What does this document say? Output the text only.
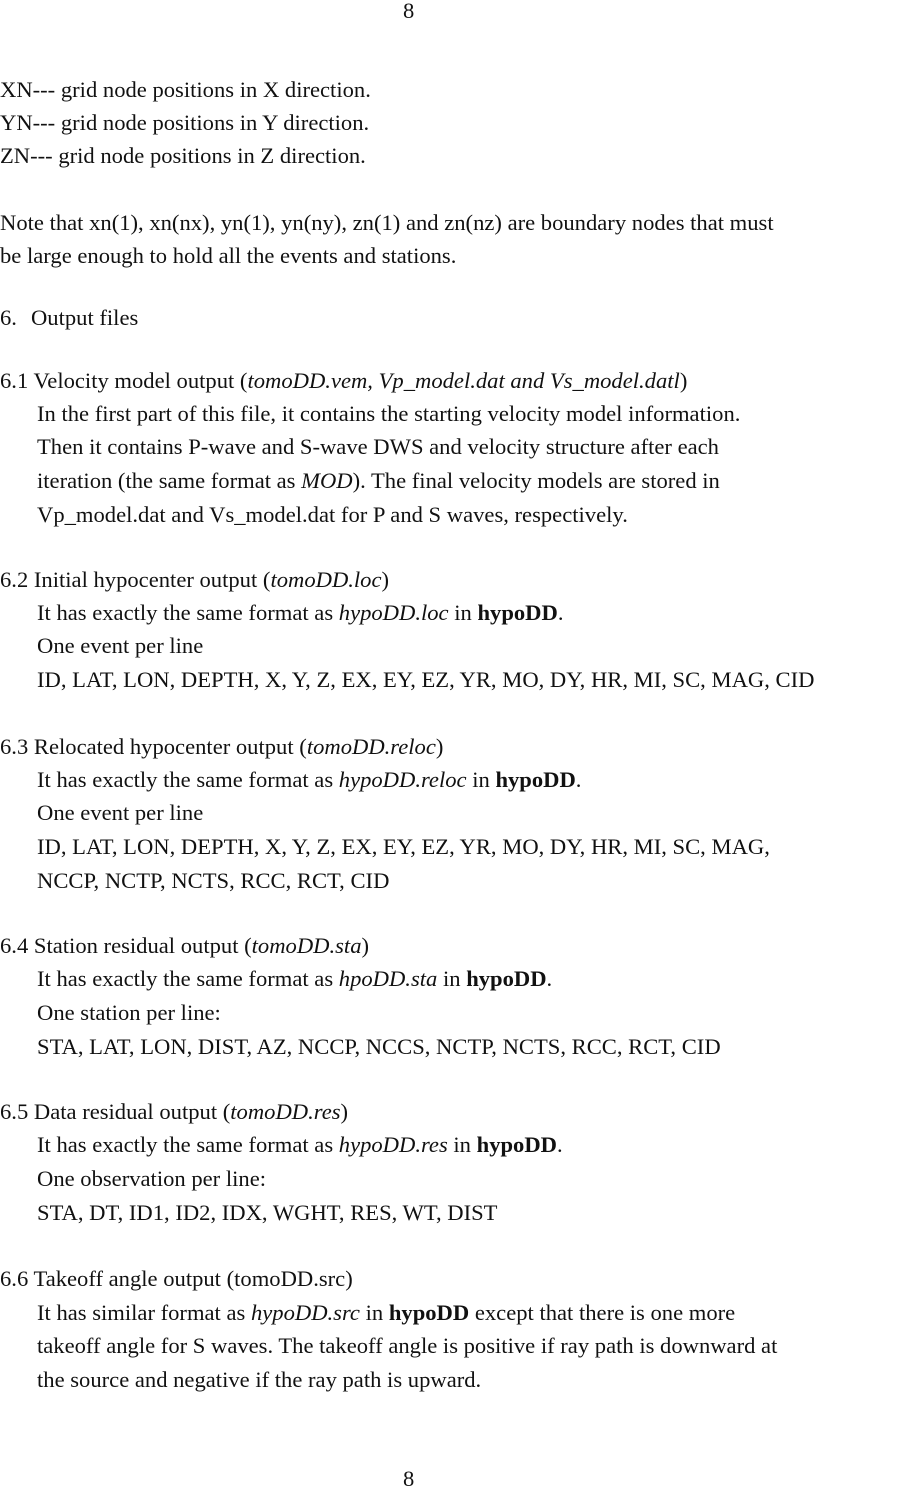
8
XN--- grid node positions in X direction.
YN--- grid node positions in Y direction.
ZN--- grid node positions in Z direction.
Note that xn(1), xn(nx), yn(1), yn(ny), zn(1) and zn(nz) are boundary nodes that must
be large enough to hold all the events and stations.
6. Output files
6.1 Velocity model output (tomoDD.vem, Vp_model.dat and Vs_model.datl)
In the first part of this file, it contains the starting velocity model information.
Then it contains P-wave and S-wave DWS and velocity structure after each
iteration (the same format as MOD). The final velocity models are stored in
Vp_model.dat and Vs_model.dat for P and S waves, respectively.
6.2 Initial hypocenter output (tomoDD.loc)
It has exactly the same format as hypoDD.loc in hypoDD.
One event per line
ID, LAT, LON, DEPTH, X, Y, Z, EX, EY, EZ, YR, MO, DY, HR, MI, SC, MAG, CID
6.3 Relocated hypocenter output (tomoDD.reloc)
It has exactly the same format as hypoDD.reloc in hypoDD.
One event per line
ID, LAT, LON, DEPTH, X, Y, Z, EX, EY, EZ, YR, MO, DY, HR, MI, SC, MAG,
NCCP, NCTP, NCTS, RCC, RCT, CID
6.4 Station residual output (tomoDD.sta)
It has exactly the same format as hpoDD.sta in hypoDD.
One station per line:
STA, LAT, LON, DIST, AZ, NCCP, NCCS, NCTP, NCTS, RCC, RCT, CID
6.5 Data residual output (tomoDD.res)
It has exactly the same format as hypoDD.res in hypoDD.
One observation per line:
STA, DT, ID1, ID2, IDX, WGHT, RES, WT, DIST
6.6 Takeoff angle output (tomoDD.src)
It has similar format as hypoDD.src in hypoDD except that there is one more
takeoff angle for S waves. The takeoff angle is positive if ray path is downward at
the source and negative if the ray path is upward.
8
